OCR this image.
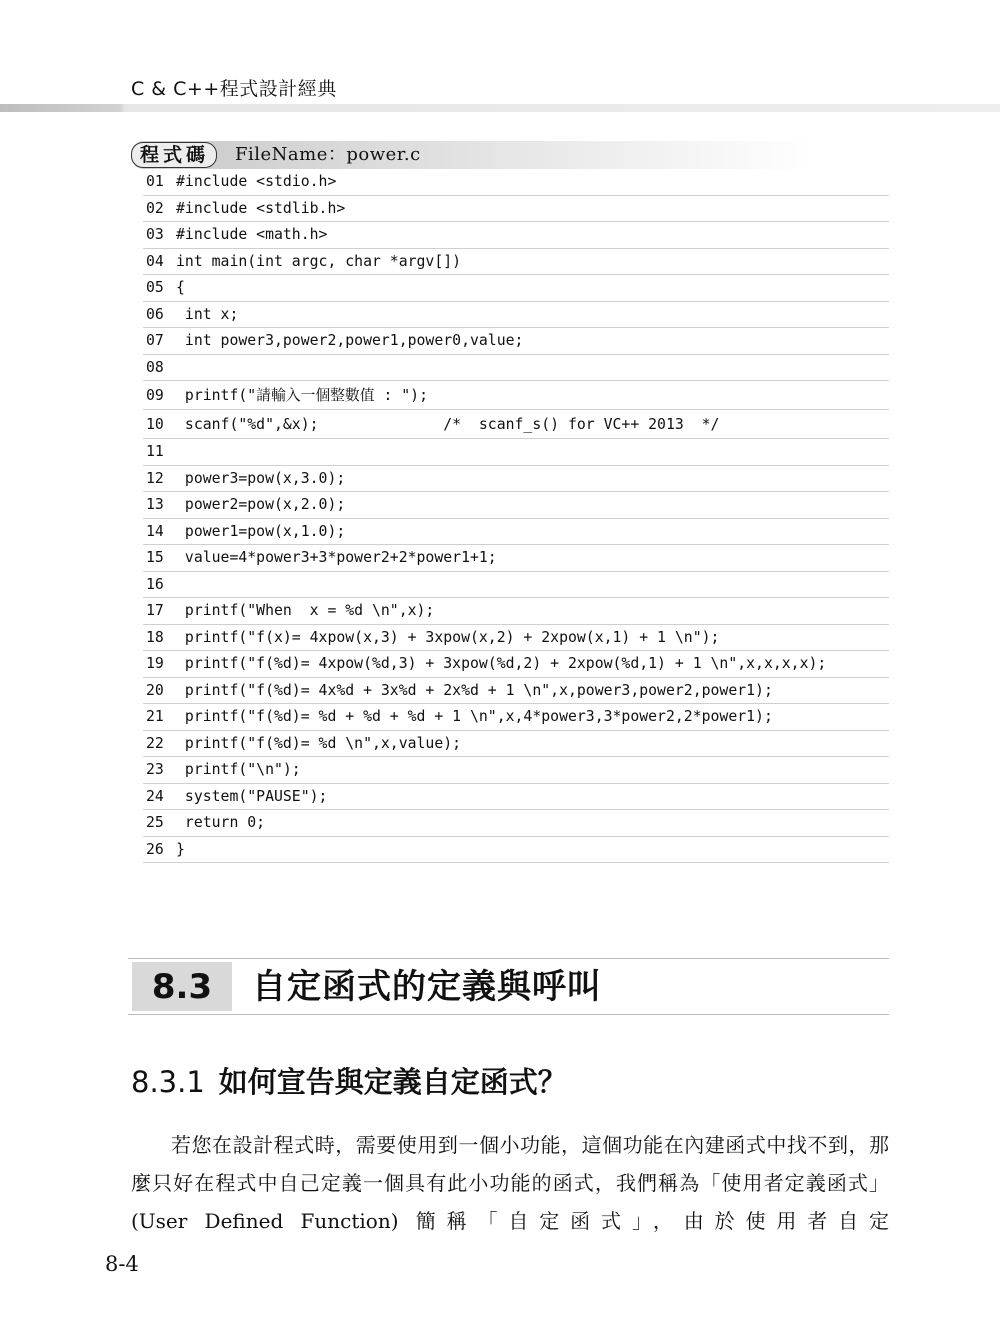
C & C++程式設計經典
程式碼	FileName：power.c
01 #include <stdio.h>
02 #include <stdlib.h>
03 #include <math.h>
04 int main(int argc, char *argv[])
05 {
06 int x;
07 int power3,power2,power1,power0,value;
08
09 printf("請輸入一個整數值 : ");
10 scanf("%d",&x);              /*  scanf_s() for VC++ 2013  */
11
12 power3=pow(x,3.0);
13 power2=pow(x,2.0);
14 power1=pow(x,1.0);
15 value=4*power3+3*power2+2*power1+1;
16
17 printf("When  x = %d \n",x);
18 printf("f(x)= 4xpow(x,3) + 3xpow(x,2) + 2xpow(x,1) + 1 \n");
19 printf("f(%d)= 4xpow(%d,3) + 3xpow(%d,2) + 2xpow(%d,1) + 1 \n",x,x,x,x);
20 printf("f(%d)= 4x%d + 3x%d + 2x%d + 1 \n",x,power3,power2,power1);
21 printf("f(%d)= %d + %d + %d + 1 \n",x,4*power3,3*power2,2*power1);
22 printf("f(%d)= %d \n",x,value);
23 printf("\n");
24 system("PAUSE");
25 return 0;
26 }
8.3	自定函式的定義與呼叫
8.3.1 如何宣告與定義自定函式？

若您在設計程式時，需要使用到一個小功能，這個功能在內建函式中找不到，那麼只好在程式中自己定義一個具有此小功能的函式，我們稱為「使用者定義函式」(User Defined Function) 簡稱「自定函式」，由於使用者自定

8-4
